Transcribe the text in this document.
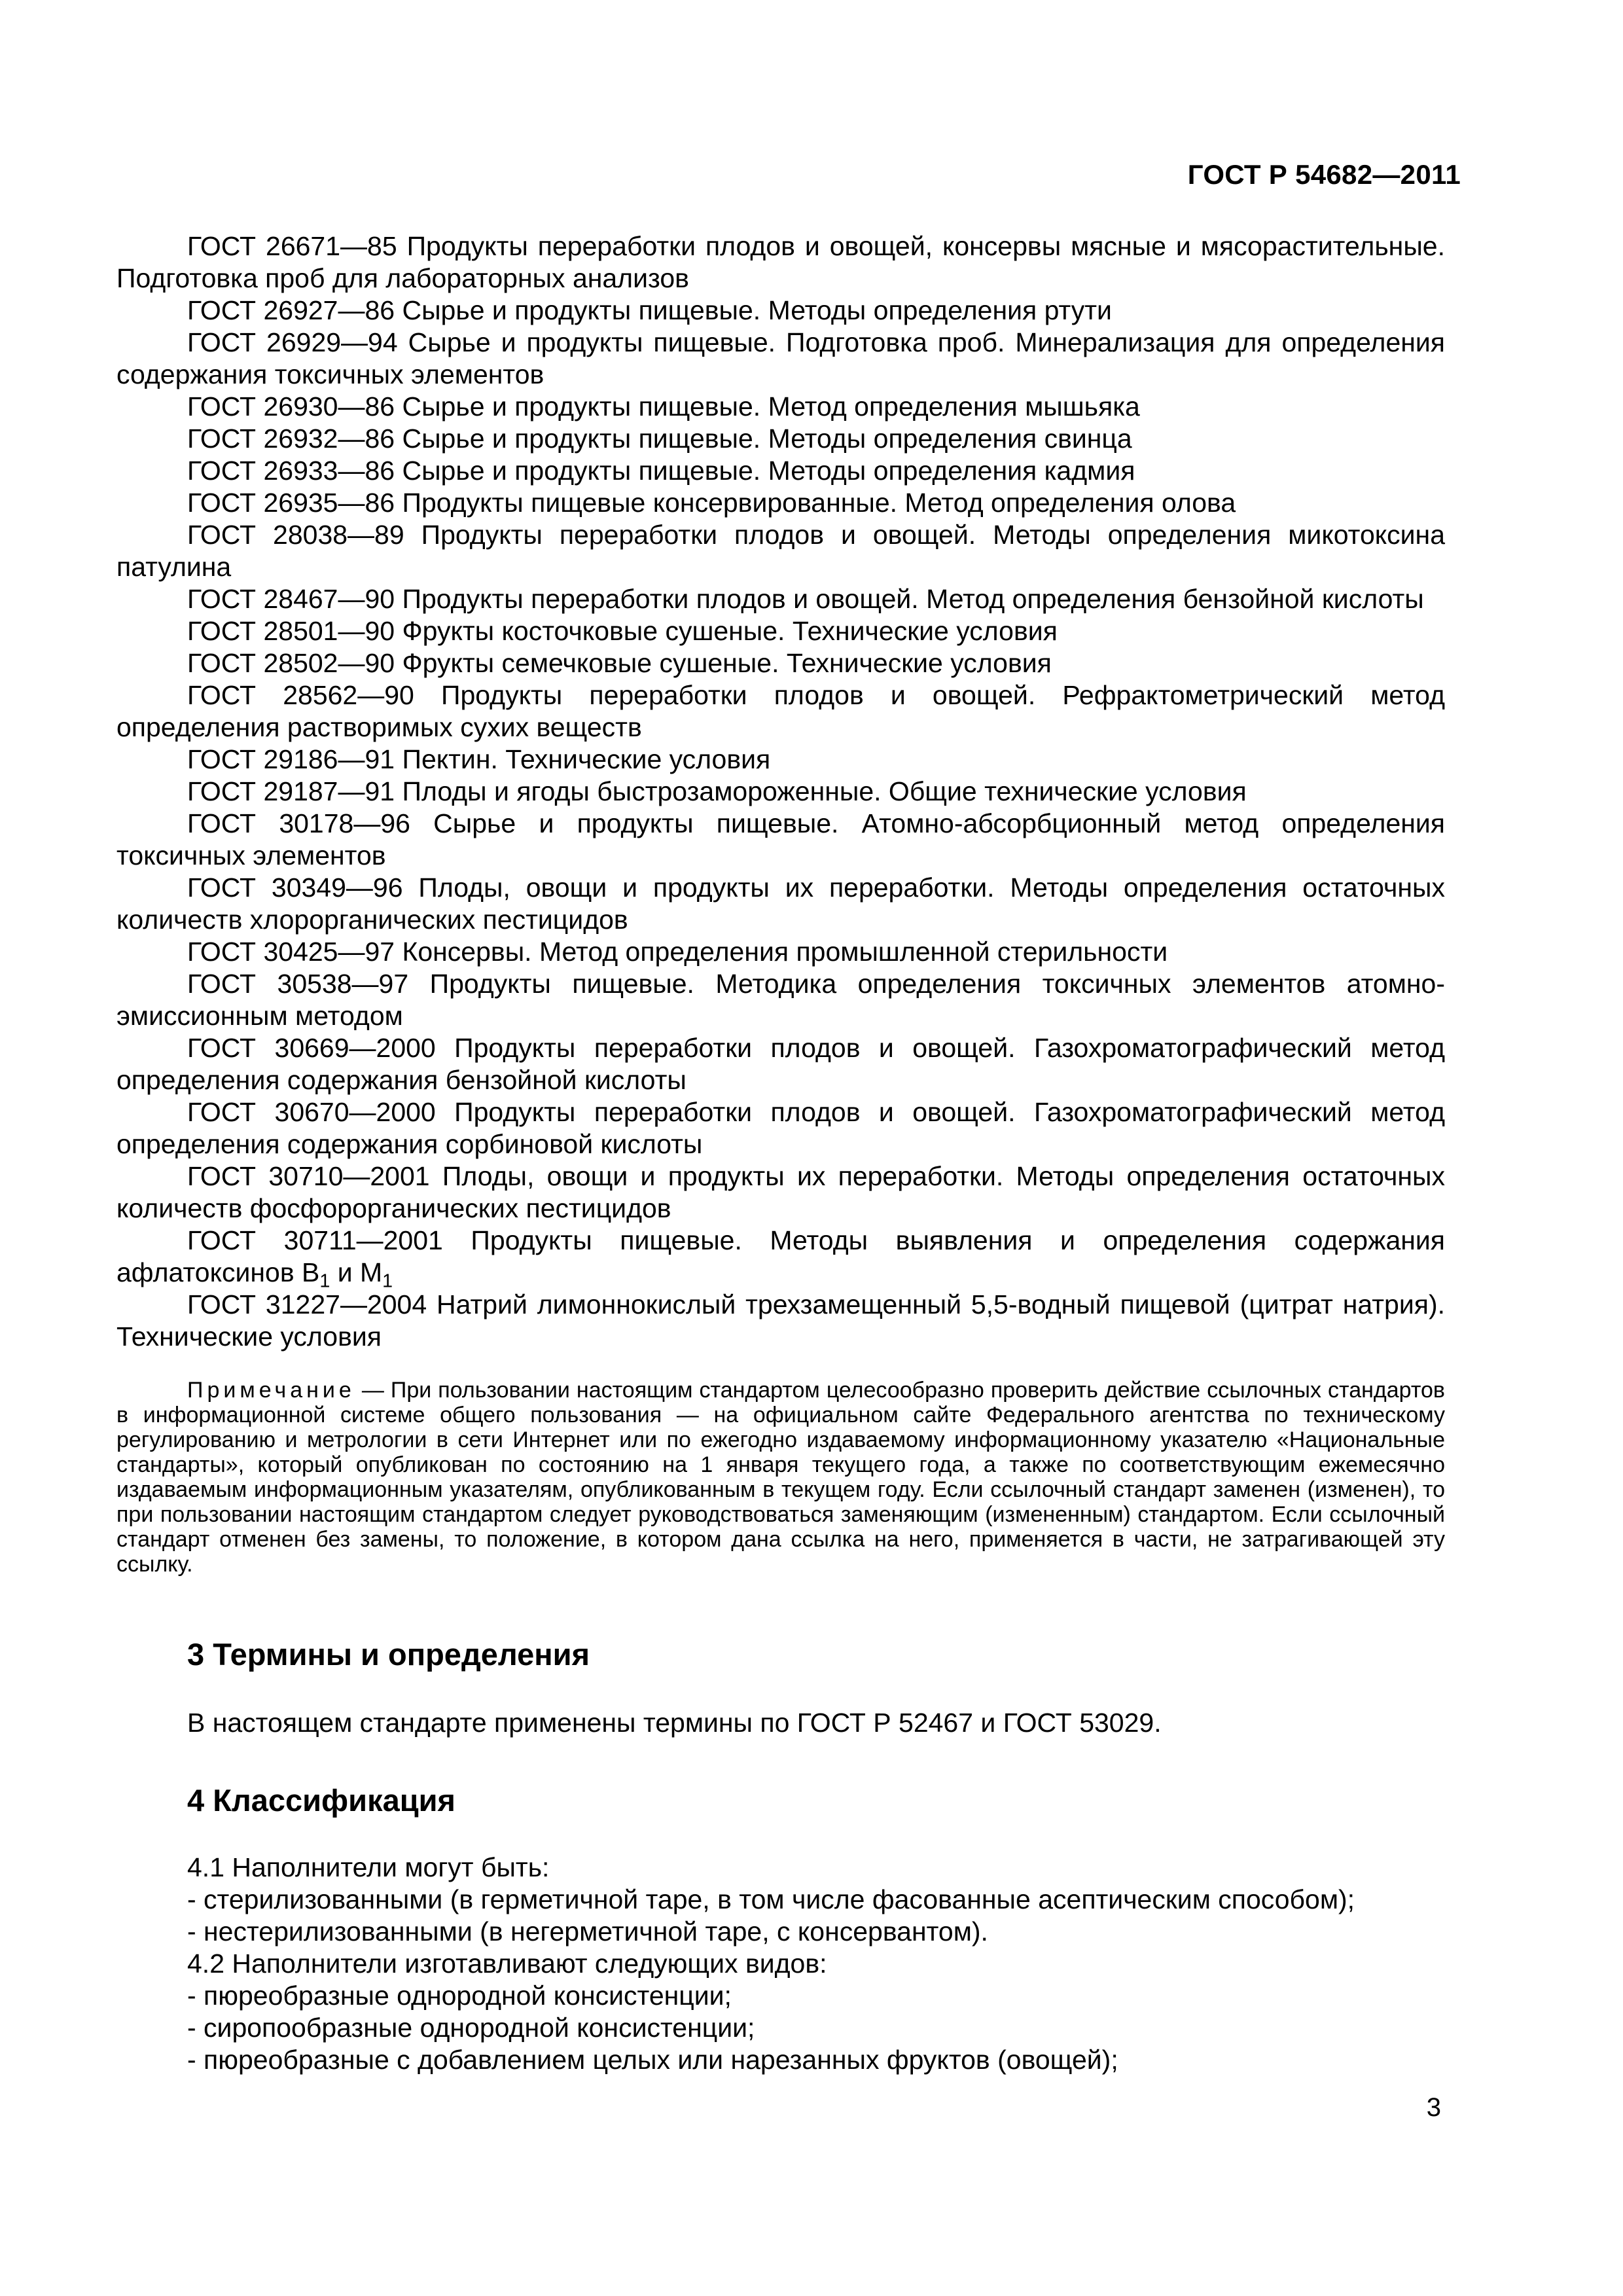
ГОСТ Р 54682—2011

ГОСТ 26671—85 Продукты переработки плодов и овощей, консервы мясные и мясорастительные. Подготовка проб для лабораторных анализов

ГОСТ 26927—86 Сырье и продукты пищевые. Методы определения ртути

ГОСТ 26929—94 Сырье и продукты пищевые. Подготовка проб. Минерализация для определения содержания токсичных элементов

ГОСТ 26930—86 Сырье и продукты пищевые. Метод определения мышьяка

ГОСТ 26932—86 Сырье и продукты пищевые. Методы определения свинца

ГОСТ 26933—86 Сырье и продукты пищевые. Методы определения кадмия

ГОСТ 26935—86 Продукты пищевые консервированные. Метод определения олова

ГОСТ 28038—89 Продукты переработки плодов и овощей. Методы определения микотоксина патулина

ГОСТ 28467—90 Продукты переработки плодов и овощей. Метод определения бензойной кислоты

ГОСТ 28501—90 Фрукты косточковые сушеные. Технические условия

ГОСТ 28502—90 Фрукты семечковые сушеные. Технические условия

ГОСТ 28562—90 Продукты переработки плодов и овощей. Рефрактометрический метод определения растворимых сухих веществ

ГОСТ 29186—91 Пектин. Технические условия

ГОСТ 29187—91 Плоды и ягоды быстрозамороженные. Общие технические условия

ГОСТ 30178—96 Сырье и продукты пищевые. Атомно-абсорбционный метод определения токсичных элементов

ГОСТ 30349—96 Плоды, овощи и продукты их переработки. Методы определения остаточных количеств хлорорганических пестицидов

ГОСТ 30425—97 Консервы. Метод определения промышленной стерильности

ГОСТ 30538—97 Продукты пищевые. Методика определения токсичных элементов атомно-эмиссионным методом

ГОСТ 30669—2000 Продукты переработки плодов и овощей. Газохроматографический метод определения содержания бензойной кислоты

ГОСТ 30670—2000 Продукты переработки плодов и овощей. Газохроматографический метод определения содержания сорбиновой кислоты

ГОСТ 30710—2001 Плоды, овощи и продукты их переработки. Методы определения остаточных количеств фосфорорганических пестицидов

ГОСТ 30711—2001 Продукты пищевые. Методы выявления и определения содержания афлатоксинов $B_1$ и $M_1$

ГОСТ 31227—2004 Натрий лимоннокислый трехзамещенный 5,5-водный пищевой (цитрат натрия). Технические условия

Примечание — При пользовании настоящим стандартом целесообразно проверить действие ссылочных стандартов в информационной системе общего пользования — на официальном сайте Федерального агентства по техническому регулированию и метрологии в сети Интернет или по ежегодно издаваемому информационному указателю «Национальные стандарты», который опубликован по состоянию на 1 января текущего года, а также по соответствующим ежемесячно издаваемым информационным указателям, опубликованным в текущем году. Если ссылочный стандарт заменен (изменен), то при пользовании настоящим стандартом следует руководствоваться заменяющим (измененным) стандартом. Если ссылочный стандарт отменен без замены, то положение, в котором дана ссылка на него, применяется в части, не затрагивающей эту ссылку.

3 Термины и определения

В настоящем стандарте применены термины по ГОСТ Р 52467 и ГОСТ 53029.

4 Классификация

4.1 Наполнители могут быть:

- стерилизованными (в герметичной таре, в том числе фасованные асептическим способом);

- нестерилизованными (в негерметичной таре, с консервантом).

4.2 Наполнители изготавливают следующих видов:

- пюреобразные однородной консистенции;

- сиропообразные однородной консистенции;

- пюреобразные с добавлением целых или нарезанных фруктов (овощей);

3
